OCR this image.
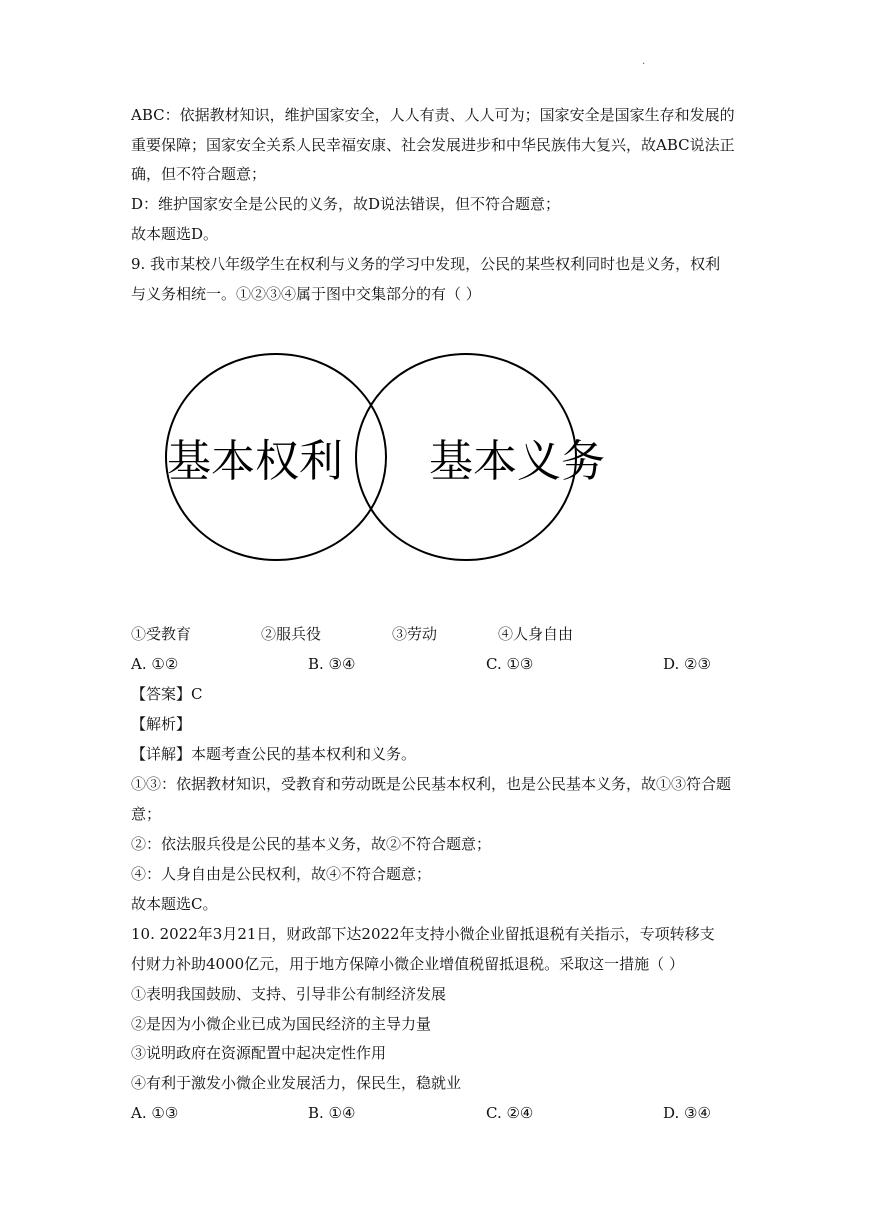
.
ABC：依据教材知识，维护国家安全，人人有责、人人可为；国家安全是国家生存和发展的
重要保障；国家安全关系人民幸福安康、社会发展进步和中华民族伟大复兴，故ABC说法正
确，但不符合题意；
D：维护国家安全是公民的义务，故D说法错误，但不符合题意；
故本题选D。
9. 我市某校八年级学生在权利与义务的学习中发现，公民的某些权利同时也是义务，权利
与义务相统一。①②③④属于图中交集部分的有（ ）
基本权利 基本义务
①受教育	②服兵役	③劳动	④人身自由
A. ①②	B. ③④	C. ①③	D. ②③
【答案】C
【解析】
【详解】本题考查公民的基本权利和义务。
①③：依据教材知识，受教育和劳动既是公民基本权利，也是公民基本义务，故①③符合题
意；
②：依法服兵役是公民的基本义务，故②不符合题意；
④：人身自由是公民权利，故④不符合题意；
故本题选C。
10. 2022年3月21日，财政部下达2022年支持小微企业留抵退税有关指示，专项转移支
付财力补助4000亿元，用于地方保障小微企业增值税留抵退税。采取这一措施（ ）
①表明我国鼓励、支持、引导非公有制经济发展
②是因为小微企业已成为国民经济的主导力量
③说明政府在资源配置中起决定性作用
④有利于激发小微企业发展活力，保民生，稳就业
A. ①③	B. ①④	C. ②④	D. ③④
